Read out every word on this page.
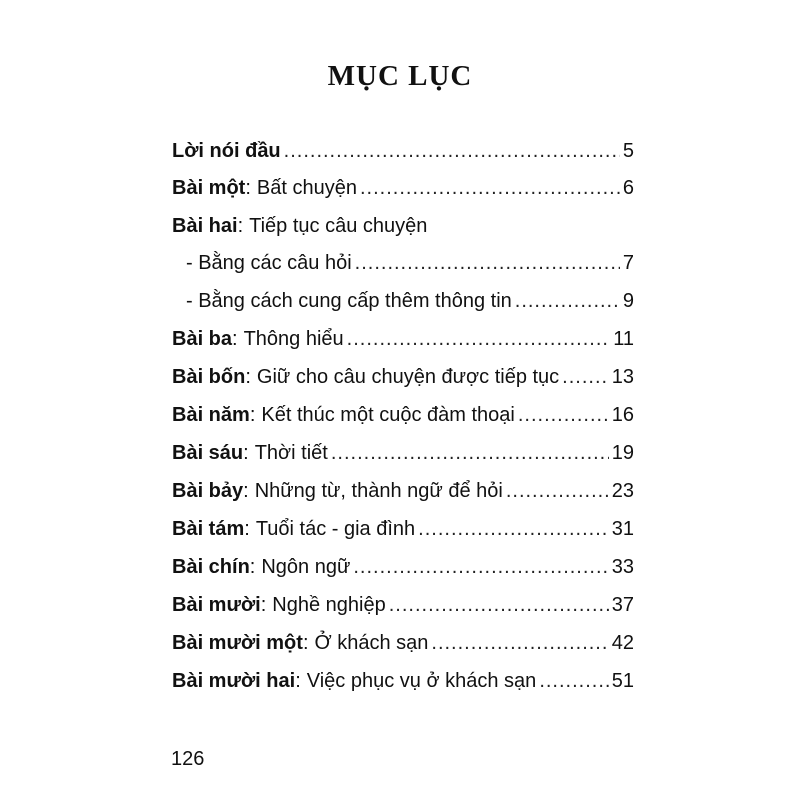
MỤC LỤC
Lời nói đầu .....	5
Bài một : Bất chuyện .....	6
Bài hai : Tiếp tục câu chuyện
- Bằng các câu hỏi .....	7
- Bằng cách cung cấp thêm thông tin .....	9
Bài ba : Thông hiểu .....	11
Bài bốn : Giữ cho câu chuyện được tiếp tục .....	13
Bài năm : Kết thúc một cuộc đàm thoại .....	16
Bài sáu : Thời tiết .....	19
Bài bảy : Những từ, thành ngữ để hỏi .....	23
Bài tám : Tuổi tác - gia đình .....	31
Bài chín : Ngôn ngữ .....	33
Bài mười : Nghề nghiệp .....	37
Bài mười một : Ở khách sạn .....	42
Bài mười hai : Việc phục vụ ở khách sạn .....	51
126
